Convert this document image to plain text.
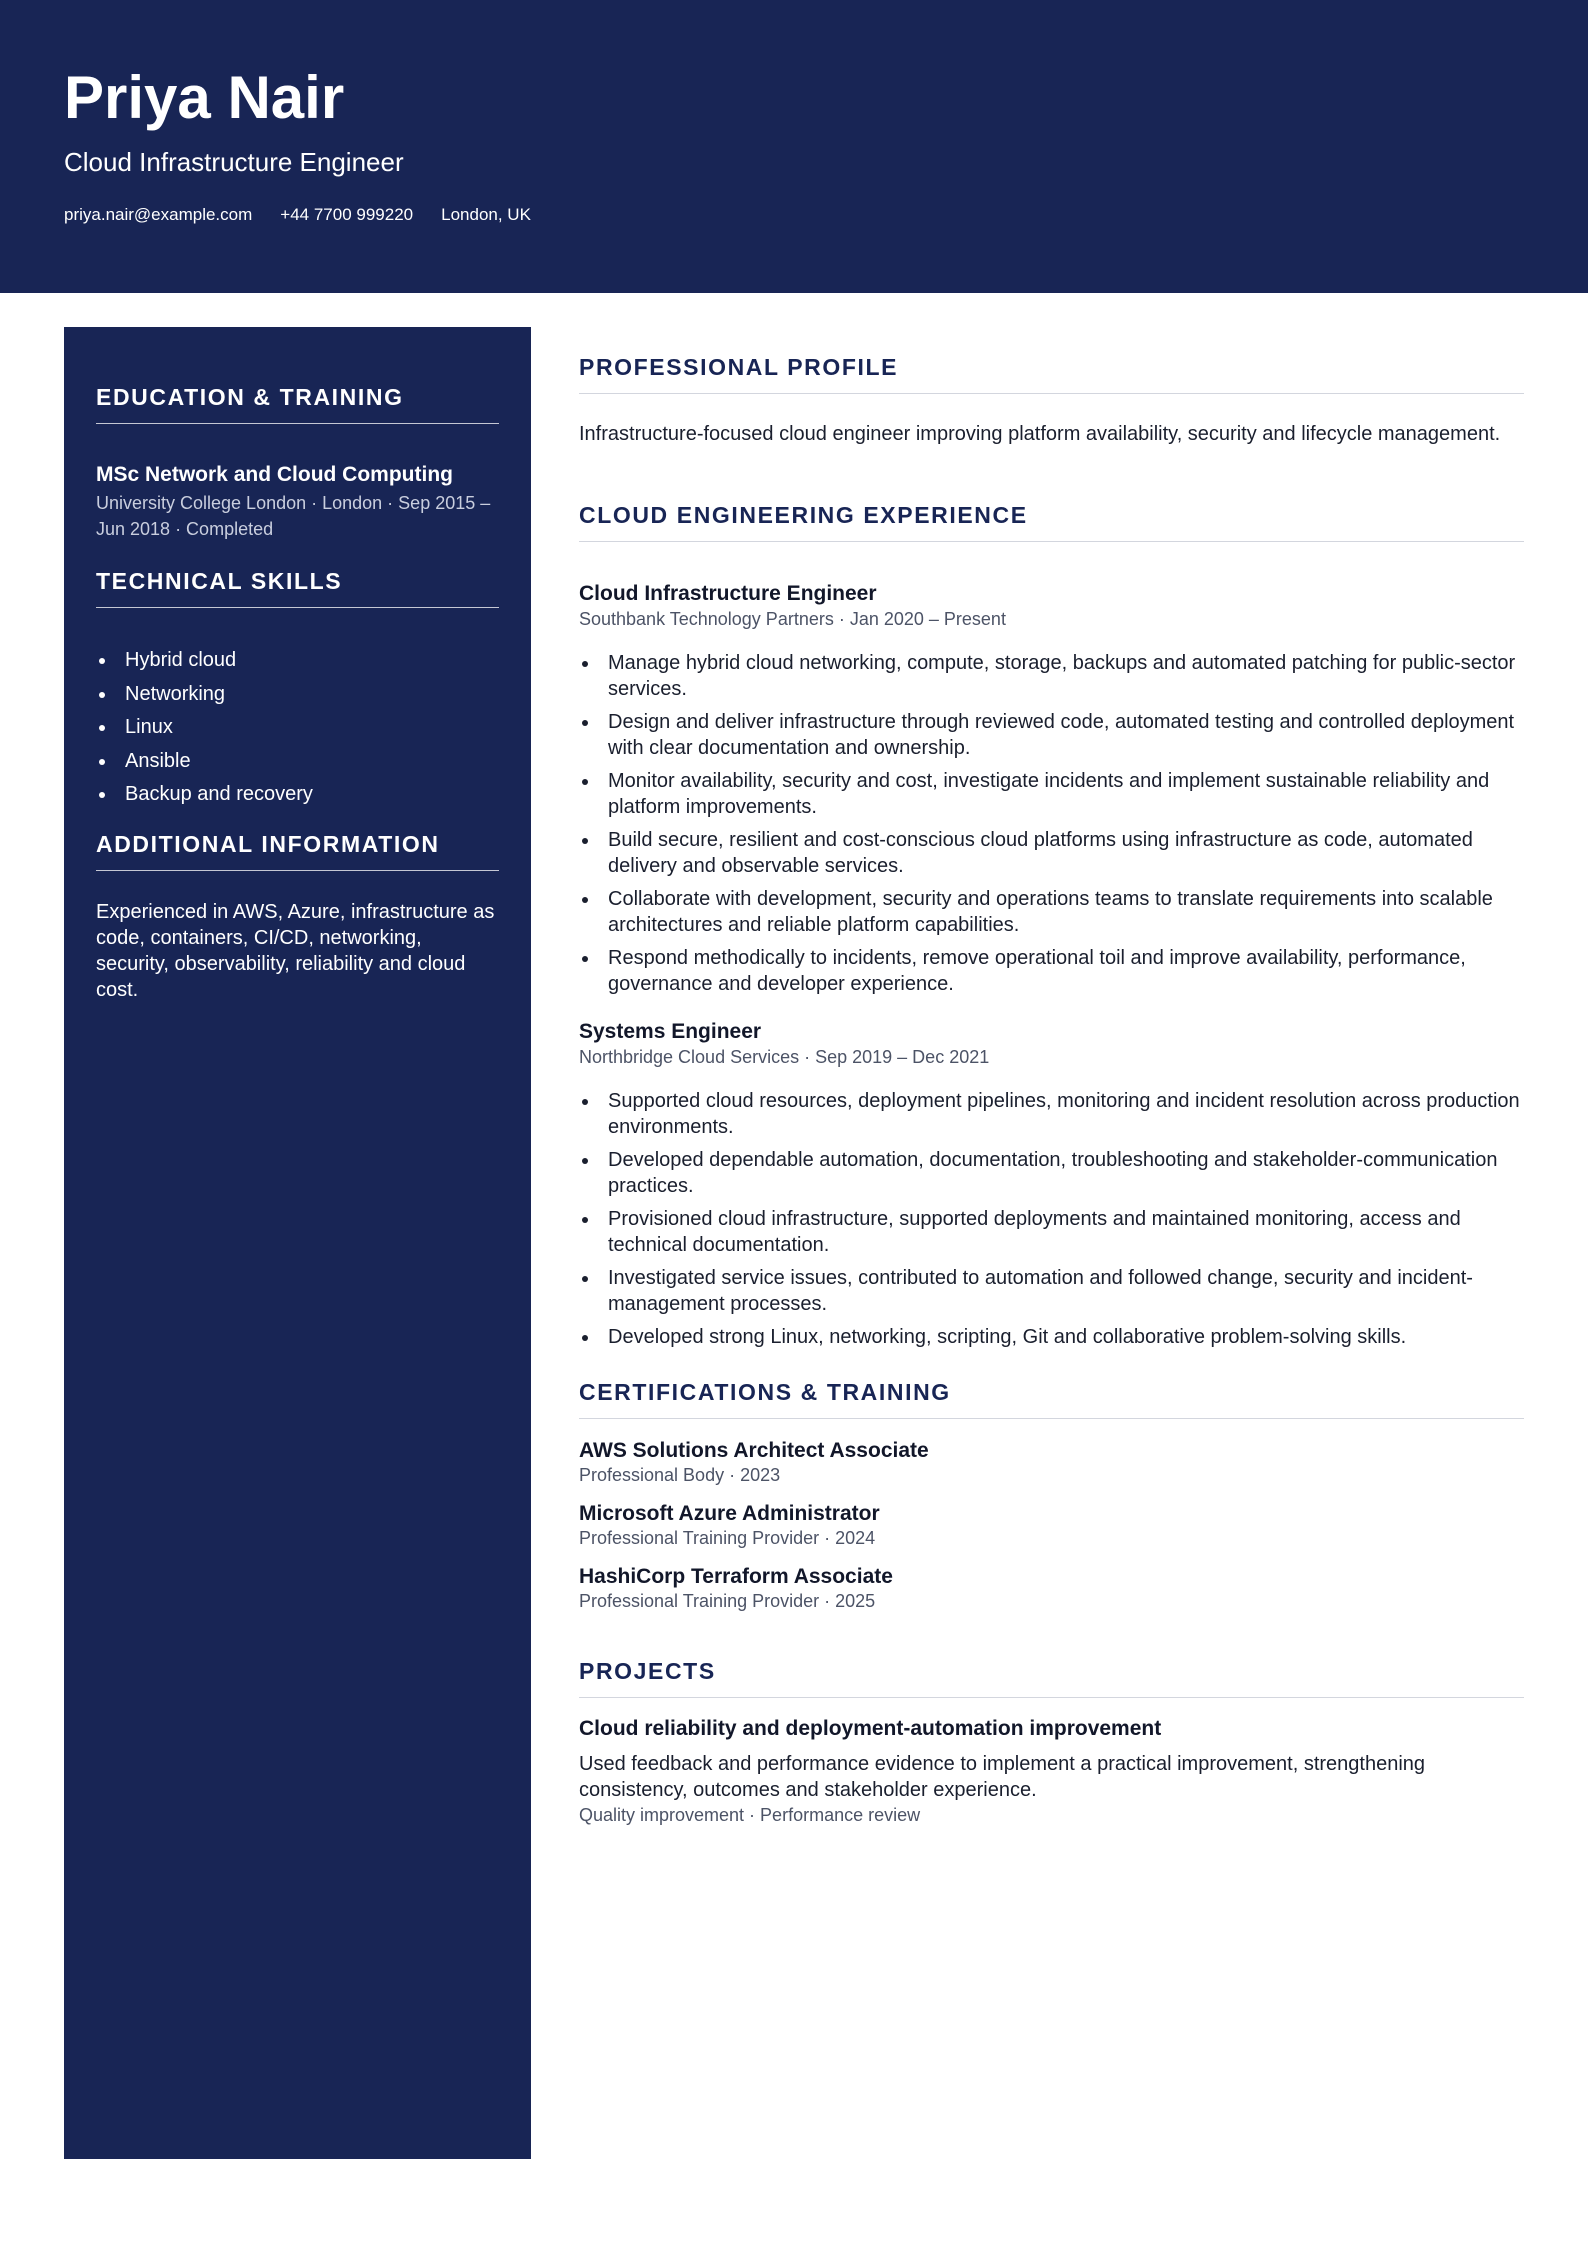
Priya Nair
Cloud Infrastructure Engineer
priya.nair@example.com +44 7700 999220 London, UK
EDUCATION & TRAINING
MSc Network and Cloud Computing
University College London · London · Sep 2015 – Jun 2018 · Completed
TECHNICAL SKILLS
Hybrid cloud
Networking
Linux
Ansible
Backup and recovery
ADDITIONAL INFORMATION
Experienced in AWS, Azure, infrastructure as code, containers, CI/CD, networking, security, observability, reliability and cloud cost.
PROFESSIONAL PROFILE
Infrastructure-focused cloud engineer improving platform availability, security and lifecycle management.
CLOUD ENGINEERING EXPERIENCE
Cloud Infrastructure Engineer
Southbank Technology Partners · Jan 2020 – Present
Manage hybrid cloud networking, compute, storage, backups and automated patching for public-sector services.
Design and deliver infrastructure through reviewed code, automated testing and controlled deployment with clear documentation and ownership.
Monitor availability, security and cost, investigate incidents and implement sustainable reliability and platform improvements.
Build secure, resilient and cost-conscious cloud platforms using infrastructure as code, automated delivery and observable services.
Collaborate with development, security and operations teams to translate requirements into scalable architectures and reliable platform capabilities.
Respond methodically to incidents, remove operational toil and improve availability, performance, governance and developer experience.
Systems Engineer
Northbridge Cloud Services · Sep 2019 – Dec 2021
Supported cloud resources, deployment pipelines, monitoring and incident resolution across production environments.
Developed dependable automation, documentation, troubleshooting and stakeholder-communication practices.
Provisioned cloud infrastructure, supported deployments and maintained monitoring, access and technical documentation.
Investigated service issues, contributed to automation and followed change, security and incident-management processes.
Developed strong Linux, networking, scripting, Git and collaborative problem-solving skills.
CERTIFICATIONS & TRAINING
AWS Solutions Architect Associate
Professional Body · 2023
Microsoft Azure Administrator
Professional Training Provider · 2024
HashiCorp Terraform Associate
Professional Training Provider · 2025
PROJECTS
Cloud reliability and deployment-automation improvement
Used feedback and performance evidence to implement a practical improvement, strengthening consistency, outcomes and stakeholder experience.
Quality improvement · Performance review
